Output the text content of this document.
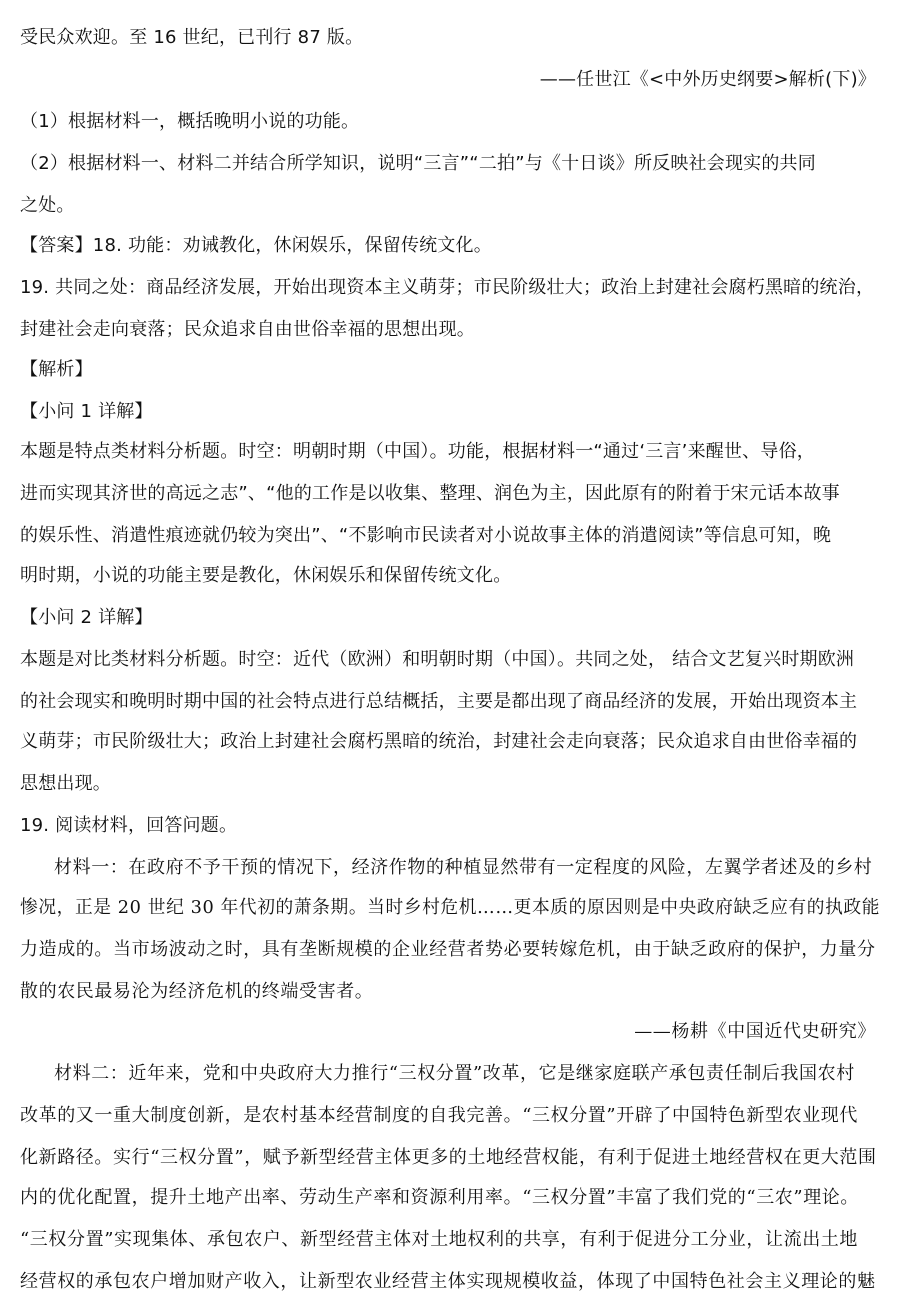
受民众欢迎。至 16 世纪，已刊行 87 版。
——任世江《<中外历史纲要>解析(下)》
（1）根据材料一，概括晚明小说的功能。
（2）根据材料一、材料二并结合所学知识，说明“三言”“二拍”与《十日谈》所反映社会现实的共同
之处。
【答案】18. 功能：劝诫教化，休闲娱乐，保留传统文化。
19. 共同之处：商品经济发展，开始出现资本主义萌芽；市民阶级壮大；政治上封建社会腐朽黑暗的统治，
封建社会走向衰落；民众追求自由世俗幸福的思想出现。
【解析】
【小问 1 详解】
本题是特点类材料分析题。时空：明朝时期（中国）。功能，根据材料一“通过‘三言’来醒世、导俗，
进而实现其济世的高远之志”、“他的工作是以收集、整理、润色为主，因此原有的附着于宋元话本故事
的娱乐性、消遣性痕迹就仍较为突出”、“不影响市民读者对小说故事主体的消遣阅读”等信息可知，晚
明时期，小说的功能主要是教化，休闲娱乐和保留传统文化。
【小问 2 详解】
本题是对比类材料分析题。时空：近代（欧洲）和明朝时期（中国）。共同之处， 结合文艺复兴时期欧洲
的社会现实和晚明时期中国的社会特点进行总结概括，主要是都出现了商品经济的发展，开始出现资本主
义萌芽；市民阶级壮大；政治上封建社会腐朽黑暗的统治，封建社会走向衰落；民众追求自由世俗幸福的
思想出现。
19. 阅读材料，回答问题。
材料一：在政府不予干预的情况下，经济作物的种植显然带有一定程度的风险，左翼学者述及的乡村
惨况，正是 20 世纪 30 年代初的萧条期。当时乡村危机……更本质的原因则是中央政府缺乏应有的执政能
力造成的。当市场波动之时，具有垄断规模的企业经营者势必要转嫁危机，由于缺乏政府的保护，力量分
散的农民最易沦为经济危机的终端受害者。
——杨耕《中国近代史研究》
材料二：近年来，党和中央政府大力推行“三权分置”改革，它是继家庭联产承包责任制后我国农村
改革的又一重大制度创新，是农村基本经营制度的自我完善。“三权分置”开辟了中国特色新型农业现代
化新路径。实行“三权分置”，赋予新型经营主体更多的土地经营权能，有利于促进土地经营权在更大范围
内的优化配置，提升土地产出率、劳动生产率和资源利用率。“三权分置”丰富了我们党的“三农”理论。
“三权分置”实现集体、承包农户、新型经营主体对土地权利的共享，有利于促进分工分业，让流出土地
经营权的承包农户增加财产收入，让新型农业经营主体实现规模收益，体现了中国特色社会主义理论的魅
